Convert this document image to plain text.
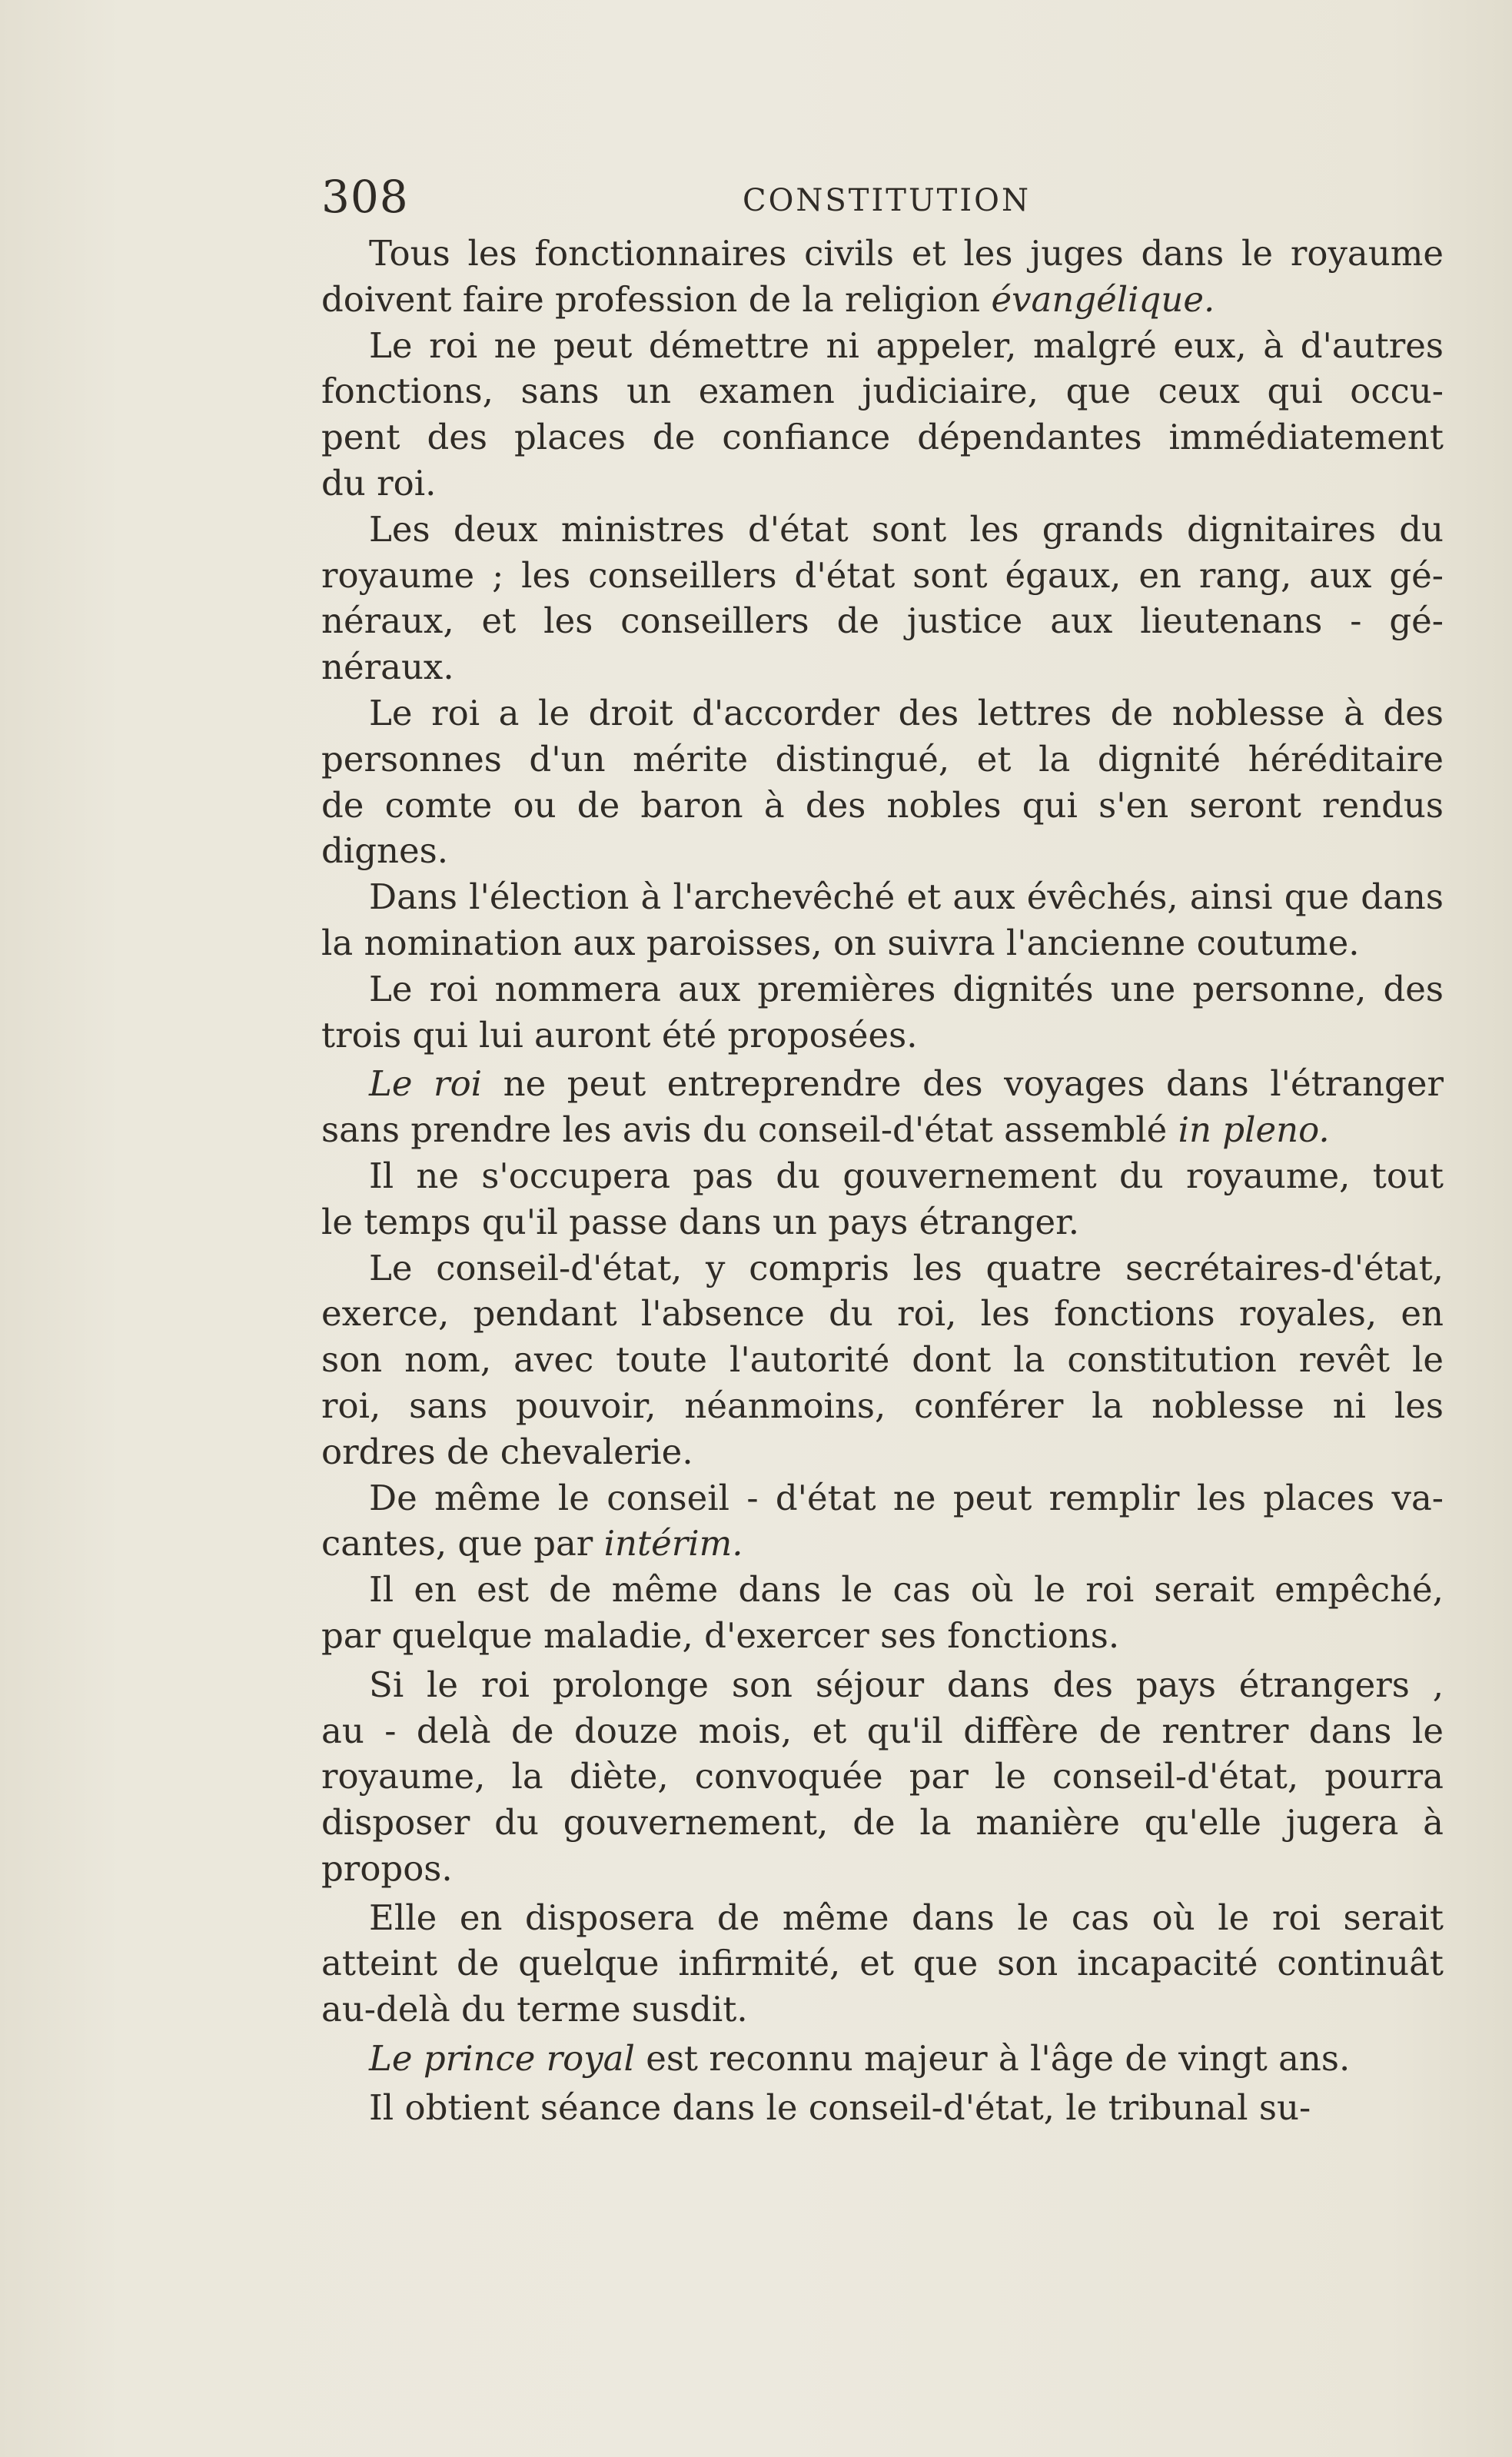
308	CONSTITUTION
Tous les fonctionnaires civils et les juges dans le royaume
doivent faire profession de la religion évangélique.
Le roi ne peut démettre ni appeler, malgré eux, à d'autres
fonctions, sans un examen judiciaire, que ceux qui occu-
pent des places de confiance dépendantes immédiatement
du roi.
Les deux ministres d'état sont les grands dignitaires du
royaume ; les conseillers d'état sont égaux, en rang, aux gé-
néraux, et les conseillers de justice aux lieutenans - gé-
néraux.
Le roi a le droit d'accorder des lettres de noblesse à des
personnes d'un mérite distingué, et la dignité héréditaire
de comte ou de baron à des nobles qui s'en seront rendus
dignes.
Dans l'élection à l'archevêché et aux évêchés, ainsi que dans
la nomination aux paroisses, on suivra l'ancienne coutume.
Le roi nommera aux premières dignités une personne, des
trois qui lui auront été proposées.
Le roi ne peut entreprendre des voyages dans l'étranger
sans prendre les avis du conseil-d'état assemblé in pleno.
Il ne s'occupera pas du gouvernement du royaume, tout
le temps qu'il passe dans un pays étranger.
Le conseil-d'état, y compris les quatre secrétaires-d'état,
exerce, pendant l'absence du roi, les fonctions royales, en
son nom, avec toute l'autorité dont la constitution revêt le
roi, sans pouvoir, néanmoins, conférer la noblesse ni les
ordres de chevalerie.
De même le conseil - d'état ne peut remplir les places va-
cantes, que par intérim.
Il en est de même dans le cas où le roi serait empêché,
par quelque maladie, d'exercer ses fonctions.
Si le roi prolonge son séjour dans des pays étrangers ,
au - delà de douze mois, et qu'il diffère de rentrer dans le
royaume, la diète, convoquée par le conseil-d'état, pourra
disposer du gouvernement, de la manière qu'elle jugera à
propos.
Elle en disposera de même dans le cas où le roi serait
atteint de quelque infirmité, et que son incapacité continuât
au-delà du terme susdit.
Le prince royal est reconnu majeur à l'âge de vingt ans.
Il obtient séance dans le conseil-d'état, le tribunal su-
